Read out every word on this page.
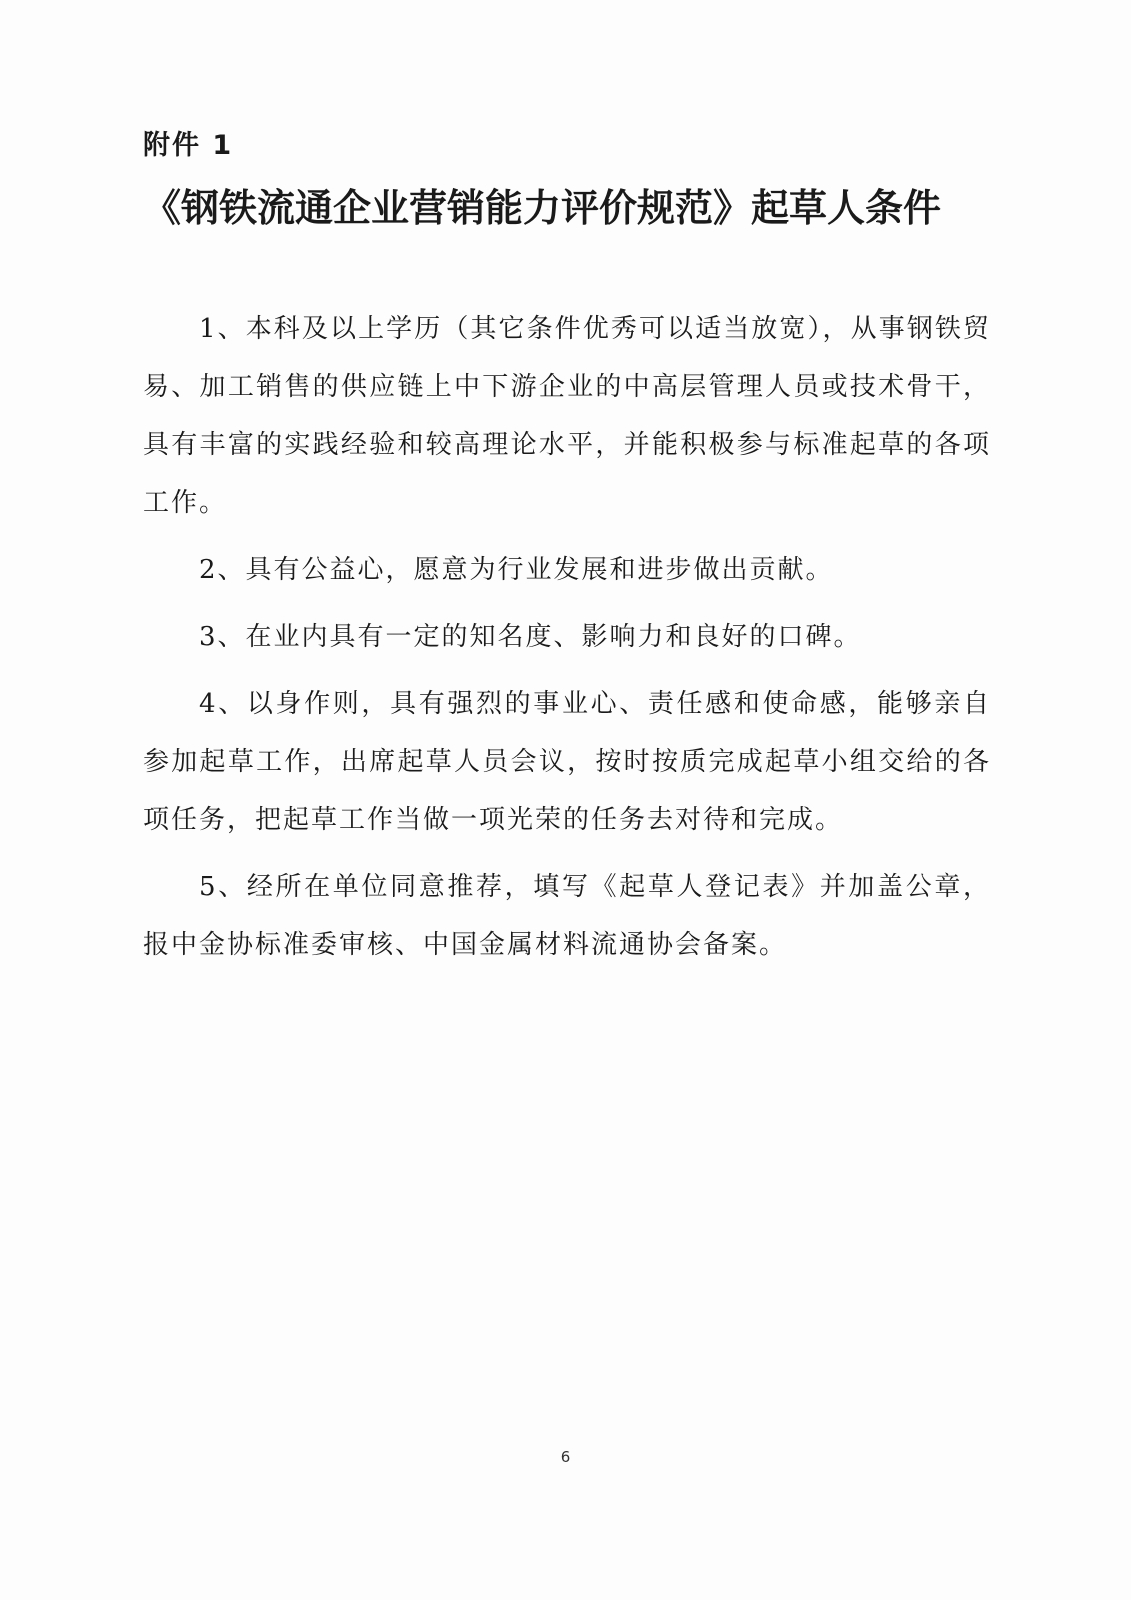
附件 1

《钢铁流通企业营销能力评价规范》起草人条件

1、本科及以上学历（其它条件优秀可以适当放宽），从事钢铁贸易、加工销售的供应链上中下游企业的中高层管理人员或技术骨干，具有丰富的实践经验和较高理论水平，并能积极参与标准起草的各项工作。

2、具有公益心，愿意为行业发展和进步做出贡献。

3、在业内具有一定的知名度、影响力和良好的口碑。

4、以身作则，具有强烈的事业心、责任感和使命感，能够亲自参加起草工作，出席起草人员会议，按时按质完成起草小组交给的各项任务，把起草工作当做一项光荣的任务去对待和完成。

5、经所在单位同意推荐，填写《起草人登记表》并加盖公章，报中金协标准委审核、中国金属材料流通协会备案。

6
